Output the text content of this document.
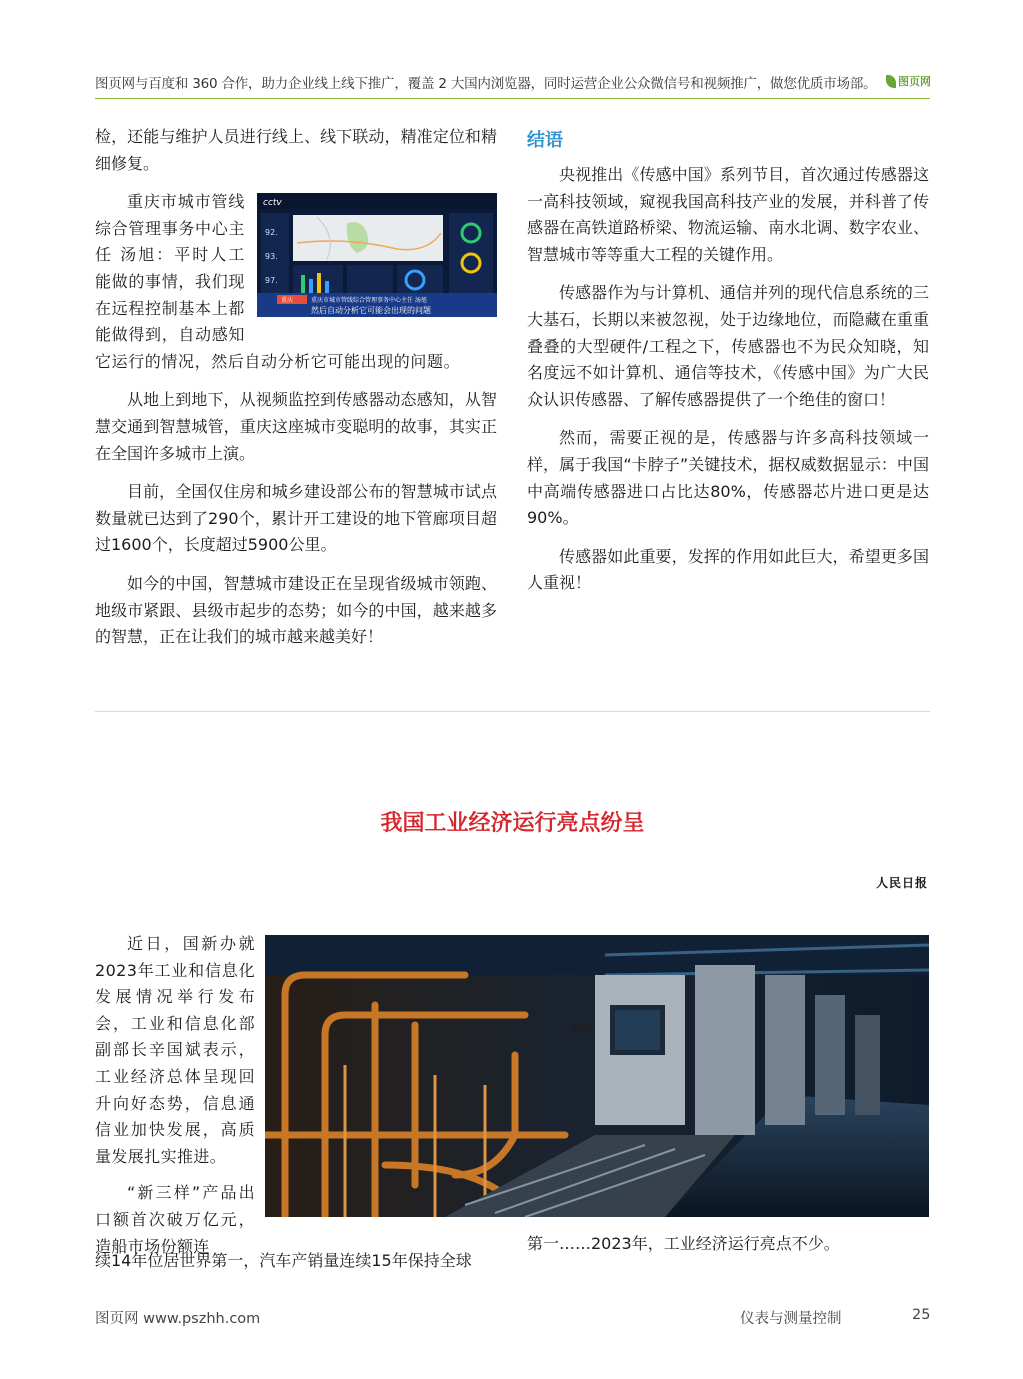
图页网与百度和 360 合作，助力企业线上线下推广，覆盖 2 大国内浏览器，同时运营企业公众微信号和视频推广，做您优质市场部。	图页网

检，还能与维护人员进行线上、线下联动，精准定位和精细修复。

cctv
92.
93.
97.
重庆	重庆市城市管线综合管理事务中心主任 汤旭
然后自动分析它可能会出现的问题

重庆市城市管线综合管理事务中心主任 汤旭：平时人工能做的事情，我们现在远程控制基本上都能做得到，自动感知它运行的情况，然后自动分析它可能出现的问题。

从地上到地下，从视频监控到传感器动态感知，从智慧交通到智慧城管，重庆这座城市变聪明的故事，其实正在全国许多城市上演。

目前，全国仅住房和城乡建设部公布的智慧城市试点数量就已达到了290个，累计开工建设的地下管廊项目超过1600个，长度超过5900公里。

如今的中国，智慧城市建设正在呈现省级城市领跑、地级市紧跟、县级市起步的态势；如今的中国，越来越多的智慧，正在让我们的城市越来越美好！

结语

央视推出《传感中国》系列节目，首次通过传感器这一高科技领域，窥视我国高科技产业的发展，并科普了传感器在高铁道路桥梁、物流运输、南水北调、数字农业、智慧城市等等重大工程的关键作用。

传感器作为与计算机、通信并列的现代信息系统的三大基石，长期以来被忽视，处于边缘地位，而隐藏在重重叠叠的大型硬件/工程之下，传感器也不为民众知晓，知名度远不如计算机、通信等技术，《传感中国》为广大民众认识传感器、了解传感器提供了一个绝佳的窗口！

然而，需要正视的是，传感器与许多高科技领域一样，属于我国“卡脖子”关键技术，据权威数据显示：中国中高端传感器进口占比达80%，传感器芯片进口更是达90%。

传感器如此重要，发挥的作用如此巨大，希望更多国人重视！

我国工业经济运行亮点纷呈
人民日报

近日，国新办就2023年工业和信息化发展情况举行发布会，工业和信息化部副部长辛国斌表示，工业经济总体呈现回升向好态势，信息通信业加快发展，高质量发展扎实推进。

“新三样”产品出口额首次破万亿元，造船市场份额连

810
续14年位居世界第一，汽车产销量连续15年保持全球
第一……2023年，工业经济运行亮点不少。
图页网 www.pszhh.com	仪表与测量控制	25
